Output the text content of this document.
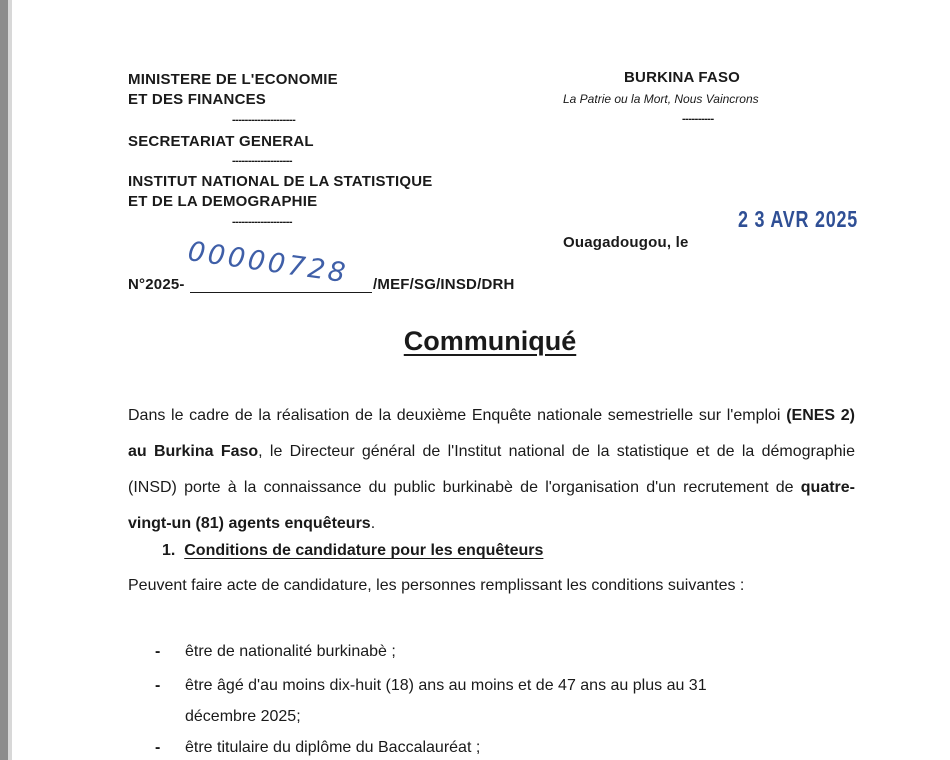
MINISTERE DE L'ECONOMIE
ET DES FINANCES
--------------------
SECRETARIAT GENERAL
-------------------
INSTITUT NATIONAL DE LA STATISTIQUE
ET DE LA DEMOGRAPHIE
-------------------
BURKINA FASO
La Patrie ou la Mort, Nous Vaincrons
----------
2 3 AVR 2025
Ouagadougou, le
00000728
N°2025-	/MEF/SG/INSD/DRH
Communiqué
Dans le cadre de la réalisation de la deuxième Enquête nationale semestrielle sur l'emploi (ENES 2) au Burkina Faso, le Directeur général de l'Institut national de la statistique et de la démographie (INSD) porte à la connaissance du public burkinabè de l'organisation d'un recrutement de quatre-vingt-un (81) agents enquêteurs.
1. Conditions de candidature pour les enquêteurs
Peuvent faire acte de candidature, les personnes remplissant les conditions suivantes :
- être de nationalité burkinabè ;
- être âgé d'au moins dix-huit (18) ans au moins et de 47 ans au plus au 31
décembre 2025;
- être titulaire du diplôme du Baccalauréat ;
